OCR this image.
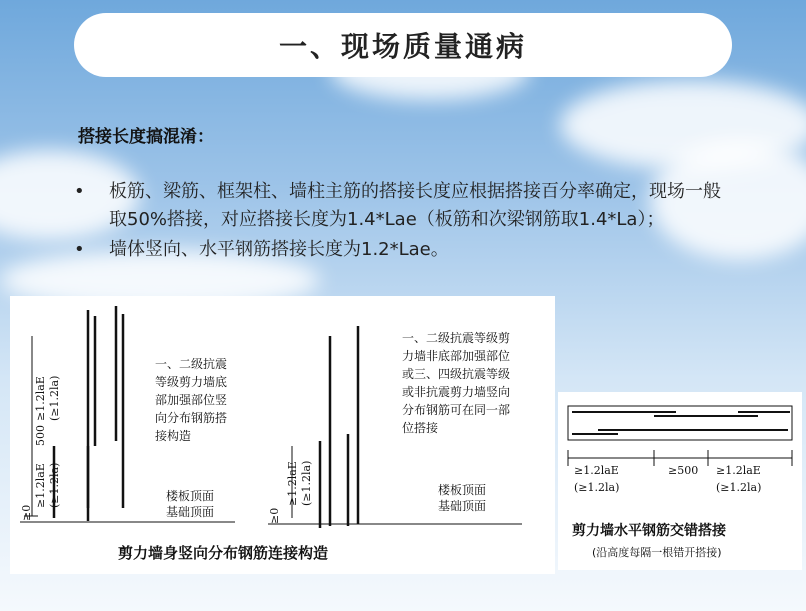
一、现场质量通病
搭接长度搞混淆：
• 板筋、梁筋、框架柱、墙柱主筋的搭接长度应根据搭接百分率确定，现场一般取50%搭接，对应搭接长度为1.4*Lae（板筋和次梁钢筋取1.4*La）；
• 墙体竖向、水平钢筋搭接长度为1.2*Lae。
≥0
≥1.2laE (≥1.2la)
500
≥1.2laE (≥1.2la)
一、二级抗震
等级剪力墙底
部加强部位竖
向分布钢筋搭
接构造
楼板顶面
基础顶面	≥0
≥1.2laE (≥1.2la)
一、二级抗震等级剪
力墙非底部加强部位
或三、四级抗震等级
或非抗震剪力墙竖向
分布钢筋可在同一部
位搭接
楼板顶面
基础顶面
剪力墙身竖向分布钢筋连接构造
≥1.2laE
(≥1.2la)
≥500 ≥1.2laE
(≥1.2la)
剪力墙水平钢筋交错搭接
(沿高度每隔一根错开搭接)
